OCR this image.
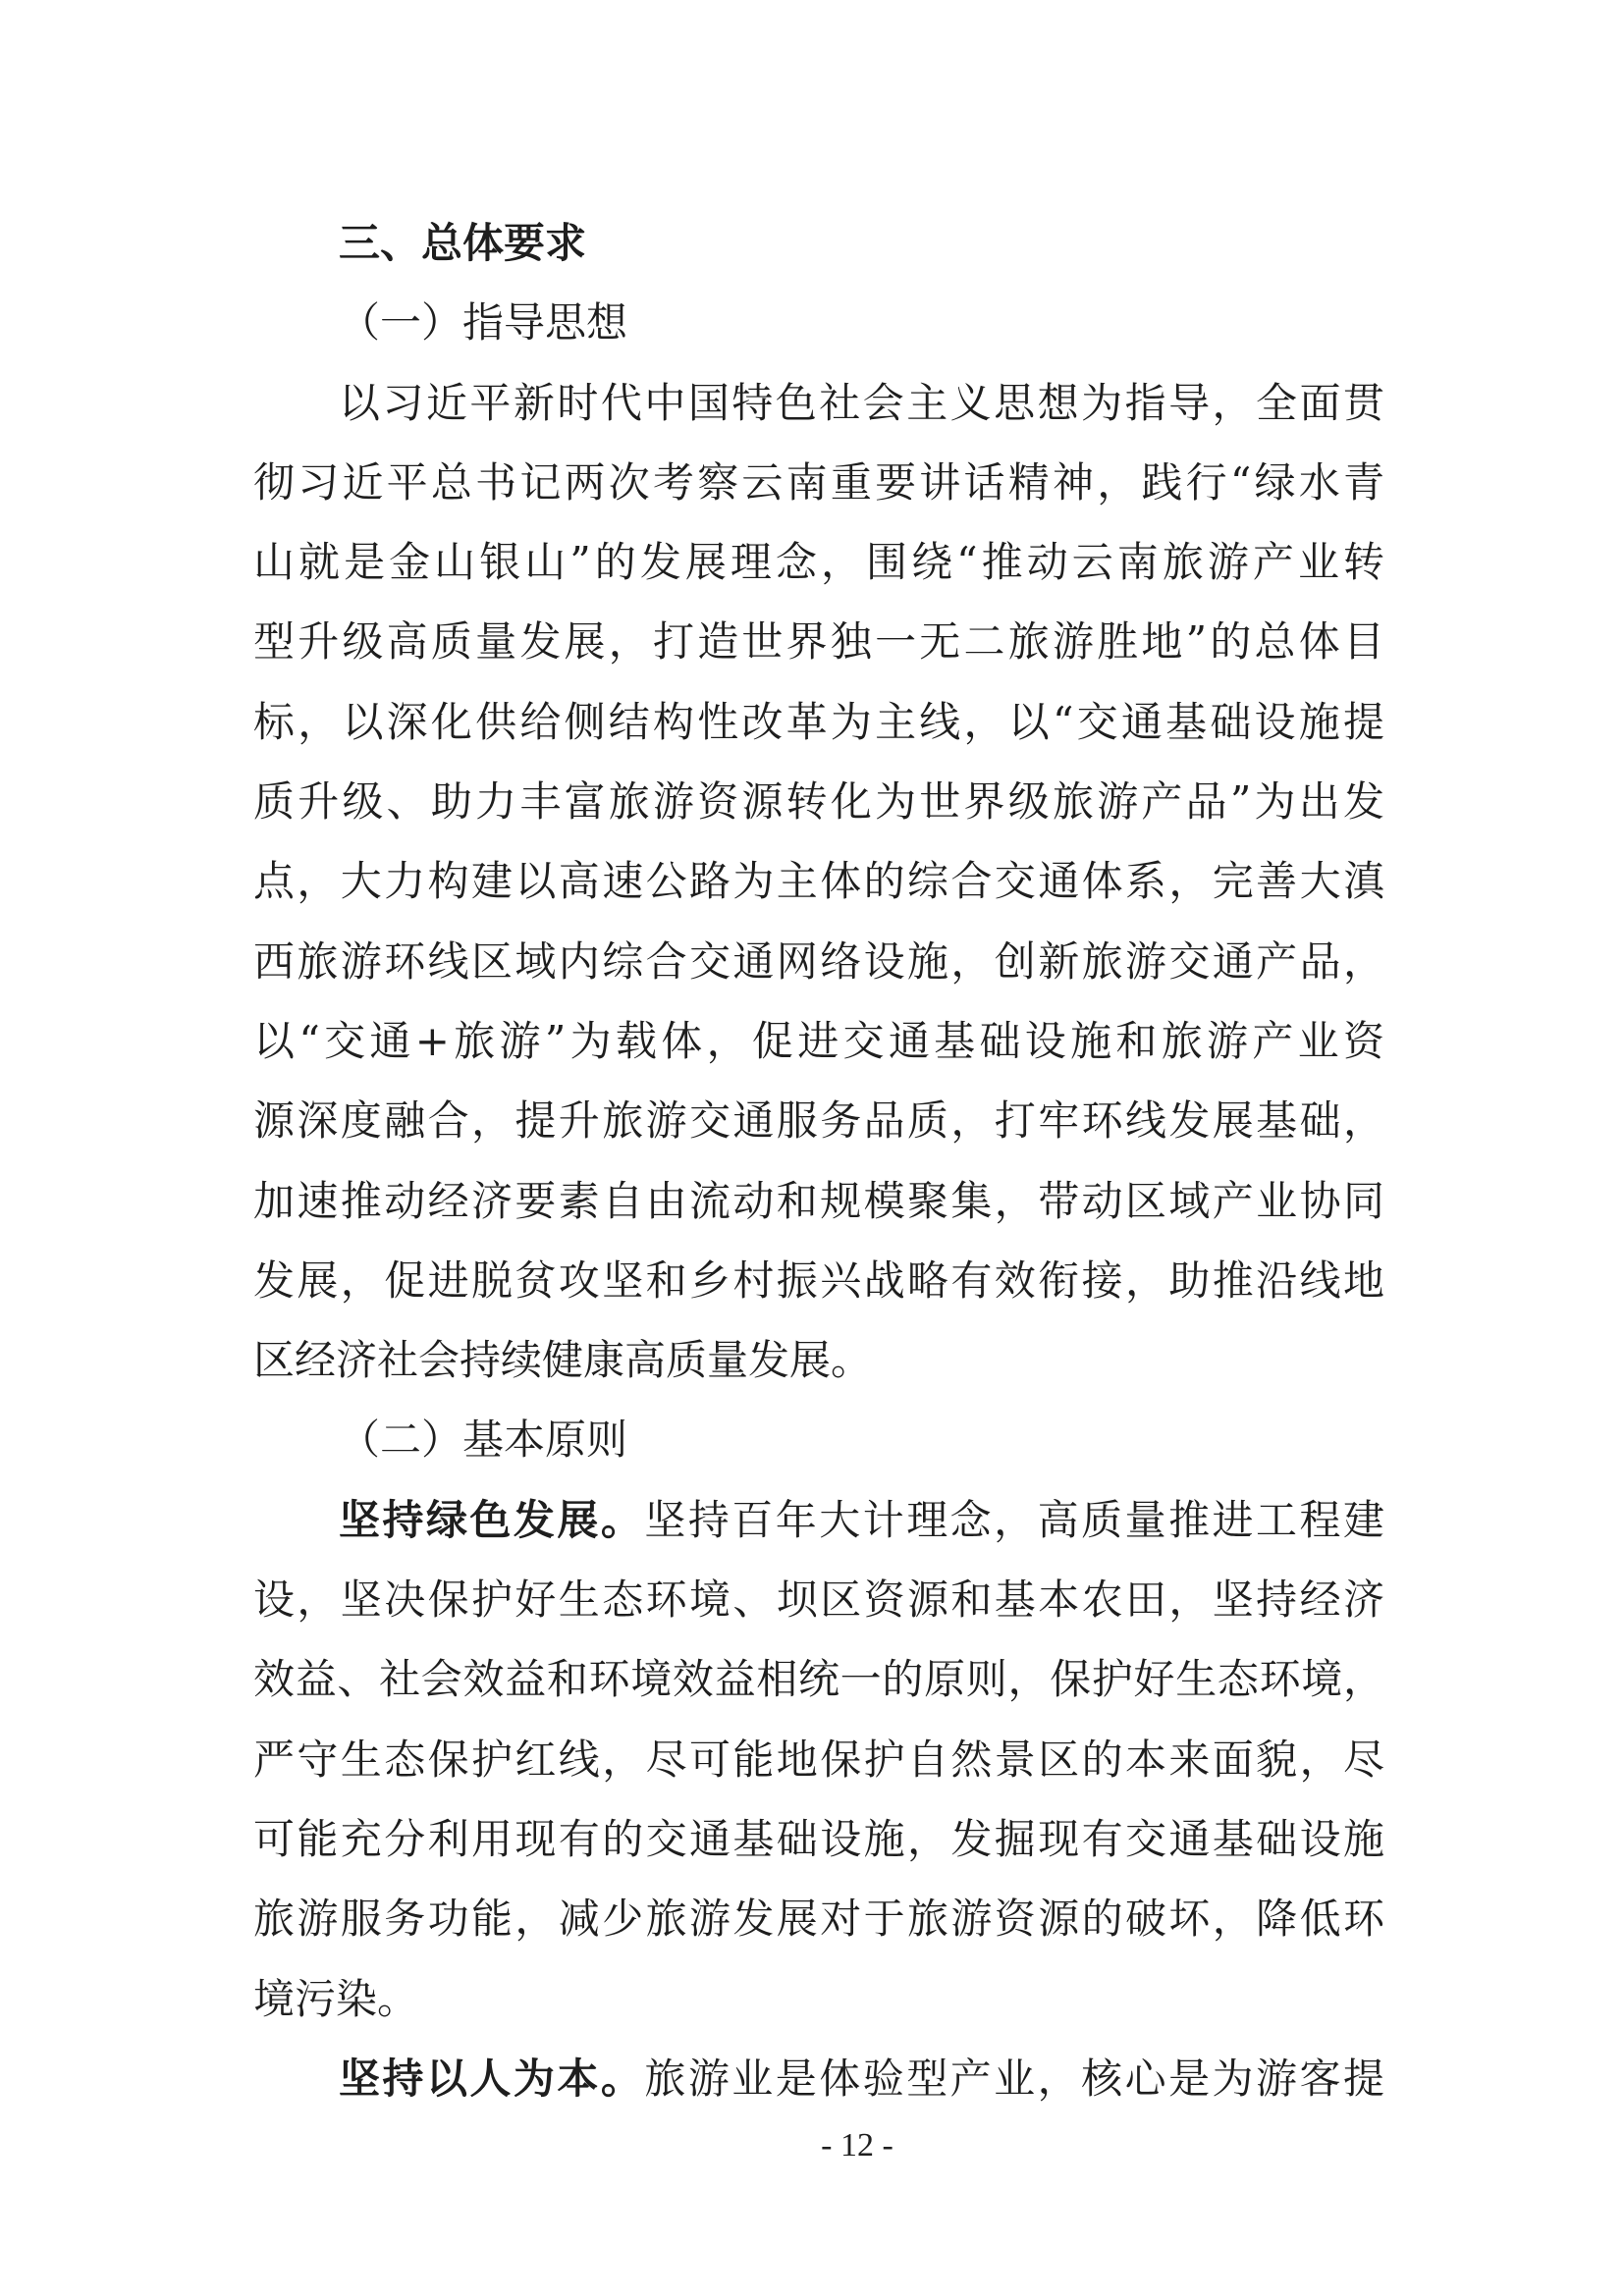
三、总体要求
（一）指导思想
以习近平新时代中国特色社会主义思想为指导，全面贯
彻习近平总书记两次考察云南重要讲话精神，践行“绿水青
山就是金山银山”的发展理念，围绕“推动云南旅游产业转
型升级高质量发展，打造世界独一无二旅游胜地”的总体目
标，以深化供给侧结构性改革为主线，以“交通基础设施提
质升级、助力丰富旅游资源转化为世界级旅游产品”为出发
点，大力构建以高速公路为主体的综合交通体系，完善大滇
西旅游环线区域内综合交通网络设施，创新旅游交通产品，
以“交通+旅游”为载体，促进交通基础设施和旅游产业资
源深度融合，提升旅游交通服务品质，打牢环线发展基础，
加速推动经济要素自由流动和规模聚集，带动区域产业协同
发展，促进脱贫攻坚和乡村振兴战略有效衔接，助推沿线地
区经济社会持续健康高质量发展。
（二）基本原则
坚持绿色发展。坚持百年大计理念，高质量推进工程建
设，坚决保护好生态环境、坝区资源和基本农田，坚持经济
效益、社会效益和环境效益相统一的原则，保护好生态环境，
严守生态保护红线，尽可能地保护自然景区的本来面貌，尽
可能充分利用现有的交通基础设施，发掘现有交通基础设施
旅游服务功能，减少旅游发展对于旅游资源的破坏，降低环
境污染。
坚持以人为本。旅游业是体验型产业，核心是为游客提
- 12 -
